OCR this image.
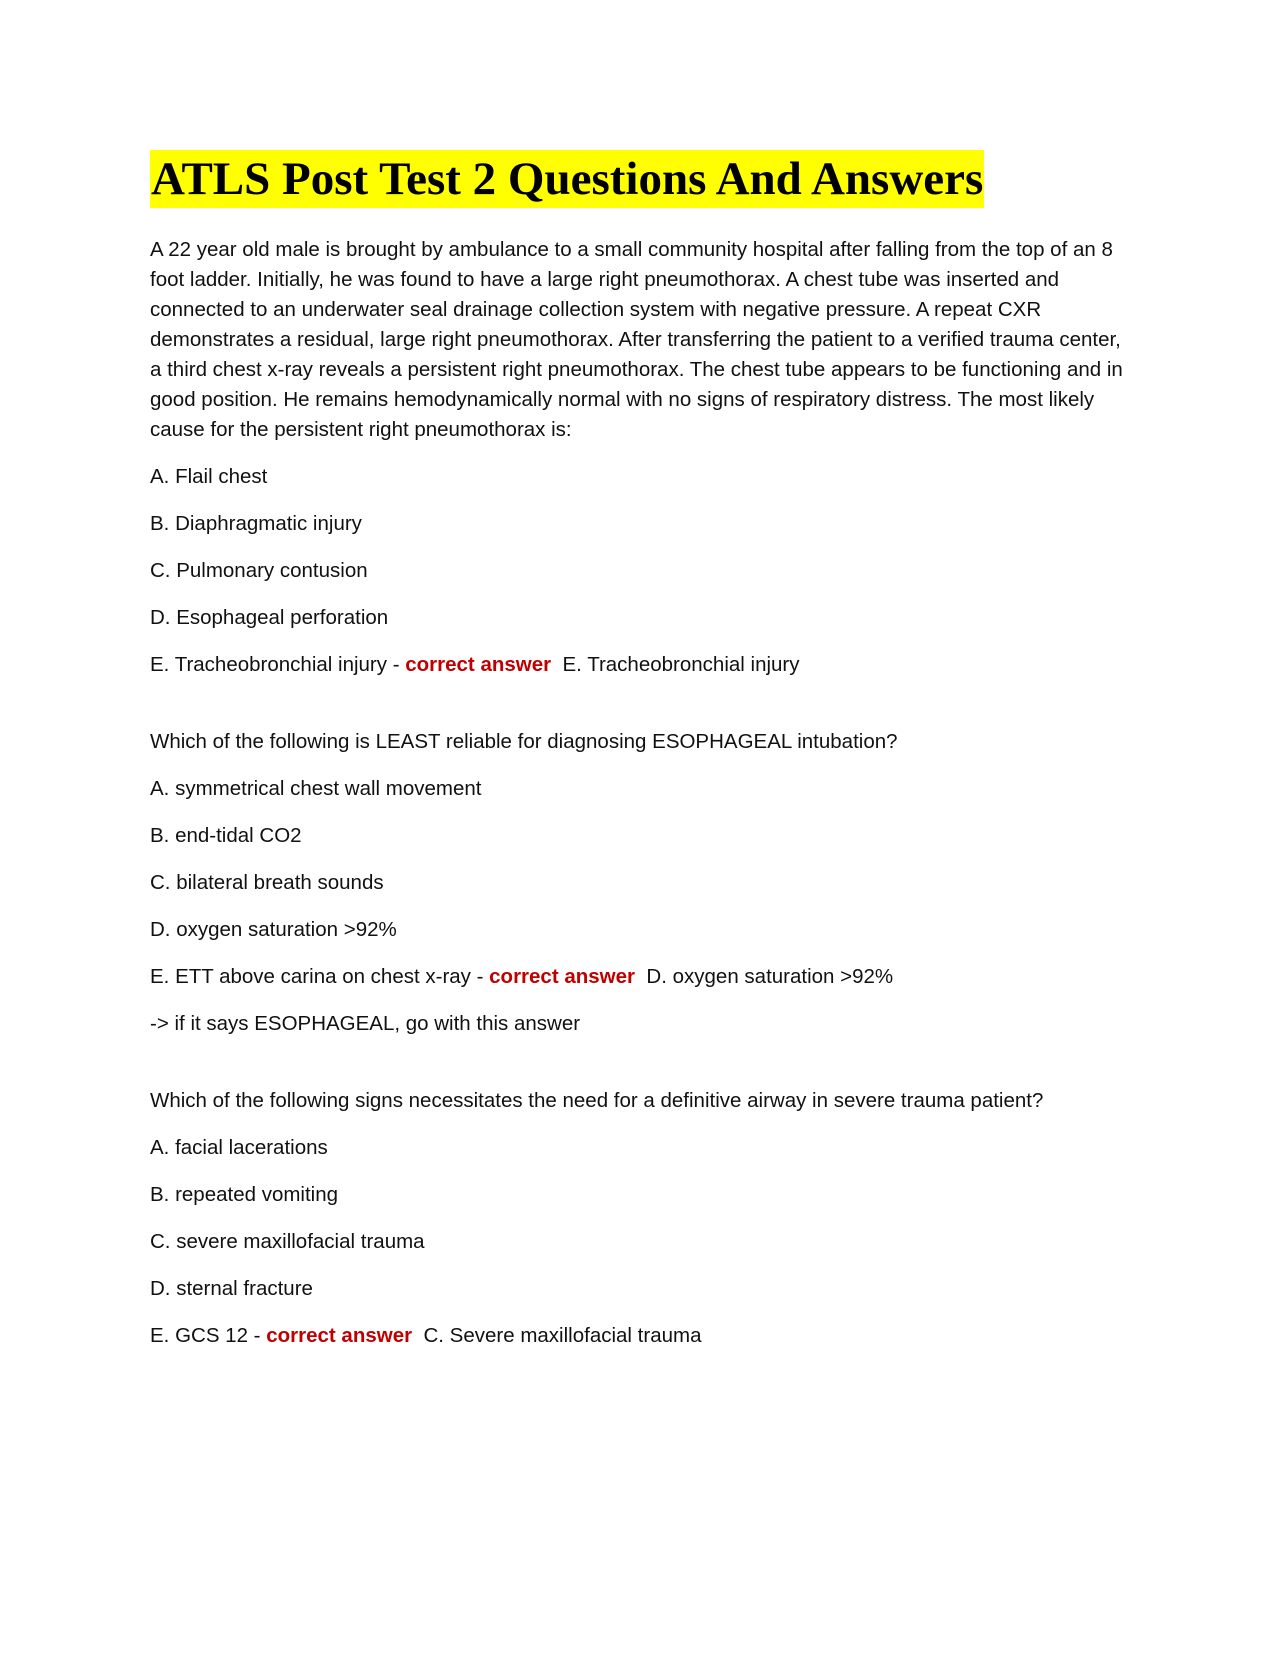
ATLS Post Test 2 Questions And Answers

A 22 year old male is brought by ambulance to a small community hospital after falling from the top of an 8 foot ladder. Initially, he was found to have a large right pneumothorax. A chest tube was inserted and connected to an underwater seal drainage collection system with negative pressure. A repeat CXR demonstrates a residual, large right pneumothorax. After transferring the patient to a verified trauma center, a third chest x-ray reveals a persistent right pneumothorax. The chest tube appears to be functioning and in good position. He remains hemodynamically normal with no signs of respiratory distress. The most likely cause for the persistent right pneumothorax is:

A. Flail chest

B. Diaphragmatic injury

C. Pulmonary contusion

D. Esophageal perforation

E. Tracheobronchial injury - correct answer E. Tracheobronchial injury

Which of the following is LEAST reliable for diagnosing ESOPHAGEAL intubation?

A. symmetrical chest wall movement

B. end-tidal CO2

C. bilateral breath sounds

D. oxygen saturation >92%

E. ETT above carina on chest x-ray - correct answer D. oxygen saturation >92%

-> if it says ESOPHAGEAL, go with this answer

Which of the following signs necessitates the need for a definitive airway in severe trauma patient?

A. facial lacerations

B. repeated vomiting

C. severe maxillofacial trauma

D. sternal fracture

E. GCS 12 - correct answer C. Severe maxillofacial trauma
